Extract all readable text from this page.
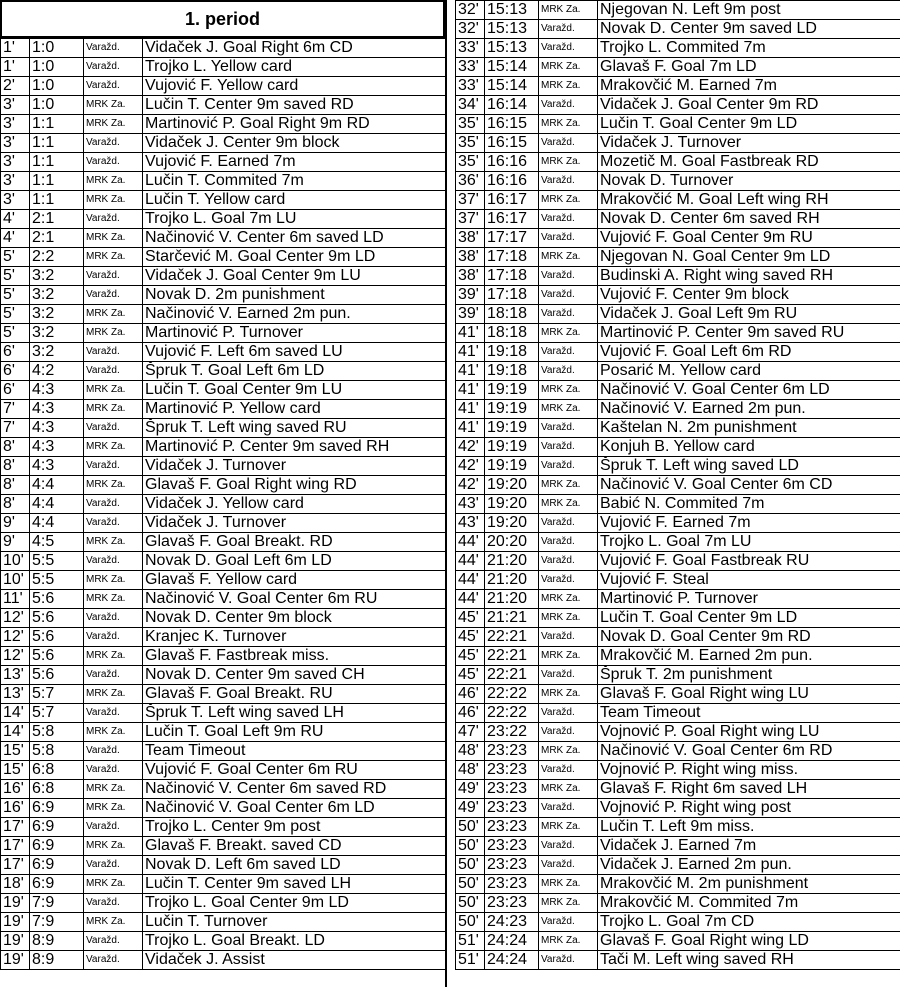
1. period
1'	1:0	Varažd.	Vidaček J. Goal Right 6m CD
1'	1:0	Varažd.	Trojko L. Yellow card
2'	1:0	Varažd.	Vujović F. Yellow card
3'	1:0	MRK Za.	Lučin T. Center 9m saved RD
3'	1:1	MRK Za.	Martinović P. Goal Right 9m RD
3'	1:1	Varažd.	Vidaček J. Center 9m block
3'	1:1	Varažd.	Vujović F. Earned 7m
3'	1:1	MRK Za.	Lučin T. Commited 7m
3'	1:1	MRK Za.	Lučin T. Yellow card
4'	2:1	Varažd.	Trojko L. Goal 7m LU
4'	2:1	MRK Za.	Načinović V. Center 6m saved LD
5'	2:2	MRK Za.	Starčević M. Goal Center 9m LD
5'	3:2	Varažd.	Vidaček J. Goal Center 9m LU
5'	3:2	Varažd.	Novak D. 2m punishment
5'	3:2	MRK Za.	Načinović V. Earned 2m pun.
5'	3:2	MRK Za.	Martinović P. Turnover
6'	3:2	Varažd.	Vujović F. Left 6m saved LU
6'	4:2	Varažd.	Špruk T. Goal Left 6m LD
6'	4:3	MRK Za.	Lučin T. Goal Center 9m LU
7'	4:3	MRK Za.	Martinović P. Yellow card
7'	4:3	Varažd.	Špruk T. Left wing saved RU
8'	4:3	MRK Za.	Martinović P. Center 9m saved RH
8'	4:3	Varažd.	Vidaček J. Turnover
8'	4:4	MRK Za.	Glavaš F. Goal Right wing RD
8'	4:4	Varažd.	Vidaček J. Yellow card
9'	4:4	Varažd.	Vidaček J. Turnover
9'	4:5	MRK Za.	Glavaš F. Goal Breakt. RD
10'	5:5	Varažd.	Novak D. Goal Left 6m LD
10'	5:5	MRK Za.	Glavaš F. Yellow card
11'	5:6	MRK Za.	Načinović V. Goal Center 6m RU
12'	5:6	Varažd.	Novak D. Center 9m block
12'	5:6	Varažd.	Kranjec K. Turnover
12'	5:6	MRK Za.	Glavaš F. Fastbreak miss.
13'	5:6	Varažd.	Novak D. Center 9m saved CH
13'	5:7	MRK Za.	Glavaš F. Goal Breakt. RU
14'	5:7	Varažd.	Špruk T. Left wing saved LH
14'	5:8	MRK Za.	Lučin T. Goal Left 9m RU
15'	5:8	Varažd.	Team Timeout
15'	6:8	Varažd.	Vujović F. Goal Center 6m RU
16'	6:8	MRK Za.	Načinović V. Center 6m saved RD
16'	6:9	MRK Za.	Načinović V. Goal Center 6m LD
17'	6:9	Varažd.	Trojko L. Center 9m post
17'	6:9	MRK Za.	Glavaš F. Breakt. saved CD
17'	6:9	Varažd.	Novak D. Left 6m saved LD
18'	6:9	MRK Za.	Lučin T. Center 9m saved LH
19'	7:9	Varažd.	Trojko L. Goal Center 9m LD
19'	7:9	MRK Za.	Lučin T. Turnover
19'	8:9	Varažd.	Trojko L. Goal Breakt. LD
19'	8:9	Varažd.	Vidaček J. Assist
32'	15:13	MRK Za.	Njegovan N. Left 9m post
32'	15:13	Varažd.	Novak D. Center 9m saved LD
33'	15:13	Varažd.	Trojko L. Commited 7m
33'	15:14	MRK Za.	Glavaš F. Goal 7m LD
33'	15:14	MRK Za.	Mrakovčić M. Earned 7m
34'	16:14	Varažd.	Vidaček J. Goal Center 9m RD
35'	16:15	MRK Za.	Lučin T. Goal Center 9m LD
35'	16:15	Varažd.	Vidaček J. Turnover
35'	16:16	MRK Za.	Mozetič M. Goal Fastbreak RD
36'	16:16	Varažd.	Novak D. Turnover
37'	16:17	MRK Za.	Mrakovčić M. Goal Left wing RH
37'	16:17	Varažd.	Novak D. Center 6m saved RH
38'	17:17	Varažd.	Vujović F. Goal Center 9m RU
38'	17:18	MRK Za.	Njegovan N. Goal Center 9m LD
38'	17:18	Varažd.	Budinski A. Right wing saved RH
39'	17:18	Varažd.	Vujović F. Center 9m block
39'	18:18	Varažd.	Vidaček J. Goal Left 9m RU
41'	18:18	MRK Za.	Martinović P. Center 9m saved RU
41'	19:18	Varažd.	Vujović F. Goal Left 6m RD
41'	19:18	Varažd.	Posarić M. Yellow card
41'	19:19	MRK Za.	Načinović V. Goal Center 6m LD
41'	19:19	MRK Za.	Načinović V. Earned 2m pun.
41'	19:19	Varažd.	Kaštelan N. 2m punishment
42'	19:19	Varažd.	Konjuh B. Yellow card
42'	19:19	Varažd.	Špruk T. Left wing saved LD
42'	19:20	MRK Za.	Načinović V. Goal Center 6m CD
43'	19:20	MRK Za.	Babić N. Commited 7m
43'	19:20	Varažd.	Vujović F. Earned 7m
44'	20:20	Varažd.	Trojko L. Goal 7m LU
44'	21:20	Varažd.	Vujović F. Goal Fastbreak RU
44'	21:20	Varažd.	Vujović F. Steal
44'	21:20	MRK Za.	Martinović P. Turnover
45'	21:21	MRK Za.	Lučin T. Goal Center 9m LD
45'	22:21	Varažd.	Novak D. Goal Center 9m RD
45'	22:21	MRK Za.	Mrakovčić M. Earned 2m pun.
45'	22:21	Varažd.	Špruk T. 2m punishment
46'	22:22	MRK Za.	Glavaš F. Goal Right wing LU
46'	22:22	Varažd.	Team Timeout
47'	23:22	Varažd.	Vojnović P. Goal Right wing LU
48'	23:23	MRK Za.	Načinović V. Goal Center 6m RD
48'	23:23	Varažd.	Vojnović P. Right wing miss.
49'	23:23	MRK Za.	Glavaš F. Right 6m saved LH
49'	23:23	Varažd.	Vojnović P. Right wing post
50'	23:23	MRK Za.	Lučin T. Left 9m miss.
50'	23:23	Varažd.	Vidaček J. Earned 7m
50'	23:23	Varažd.	Vidaček J. Earned 2m pun.
50'	23:23	MRK Za.	Mrakovčić M. 2m punishment
50'	23:23	MRK Za.	Mrakovčić M. Commited 7m
50'	24:23	Varažd.	Trojko L. Goal 7m CD
51'	24:24	MRK Za.	Glavaš F. Goal Right wing LD
51'	24:24	Varažd.	Tači M. Left wing saved RH
